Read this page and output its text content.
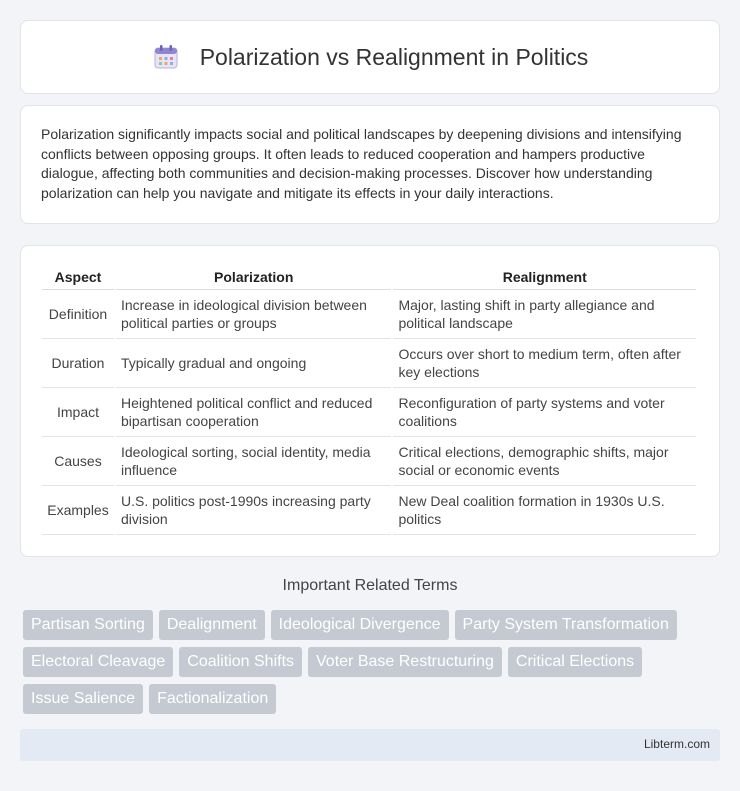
Polarization vs Realignment in Politics

Polarization significantly impacts social and political landscapes by deepening divisions and intensifying conflicts between opposing groups. It often leads to reduced cooperation and hampers productive dialogue, affecting both communities and decision-making processes. Discover how understanding polarization can help you navigate and mitigate its effects in your daily interactions.

Aspect	Polarization	Realignment
Definition	Increase in ideological division between political parties or groups	Major, lasting shift in party allegiance and political landscape
Duration	Typically gradual and ongoing	Occurs over short to medium term, often after key elections
Impact	Heightened political conflict and reduced bipartisan cooperation	Reconfiguration of party systems and voter coalitions
Causes	Ideological sorting, social identity, media influence	Critical elections, demographic shifts, major social or economic events
Examples	U.S. politics post-1990s increasing party division	New Deal coalition formation in 1930s U.S. politics
Important Related Terms
Partisan Sorting	Dealignment	Ideological Divergence	Party System Transformation
Electoral Cleavage	Coalition Shifts	Voter Base Restructuring	Critical Elections
Issue Salience	Factionalization
Libterm.com
